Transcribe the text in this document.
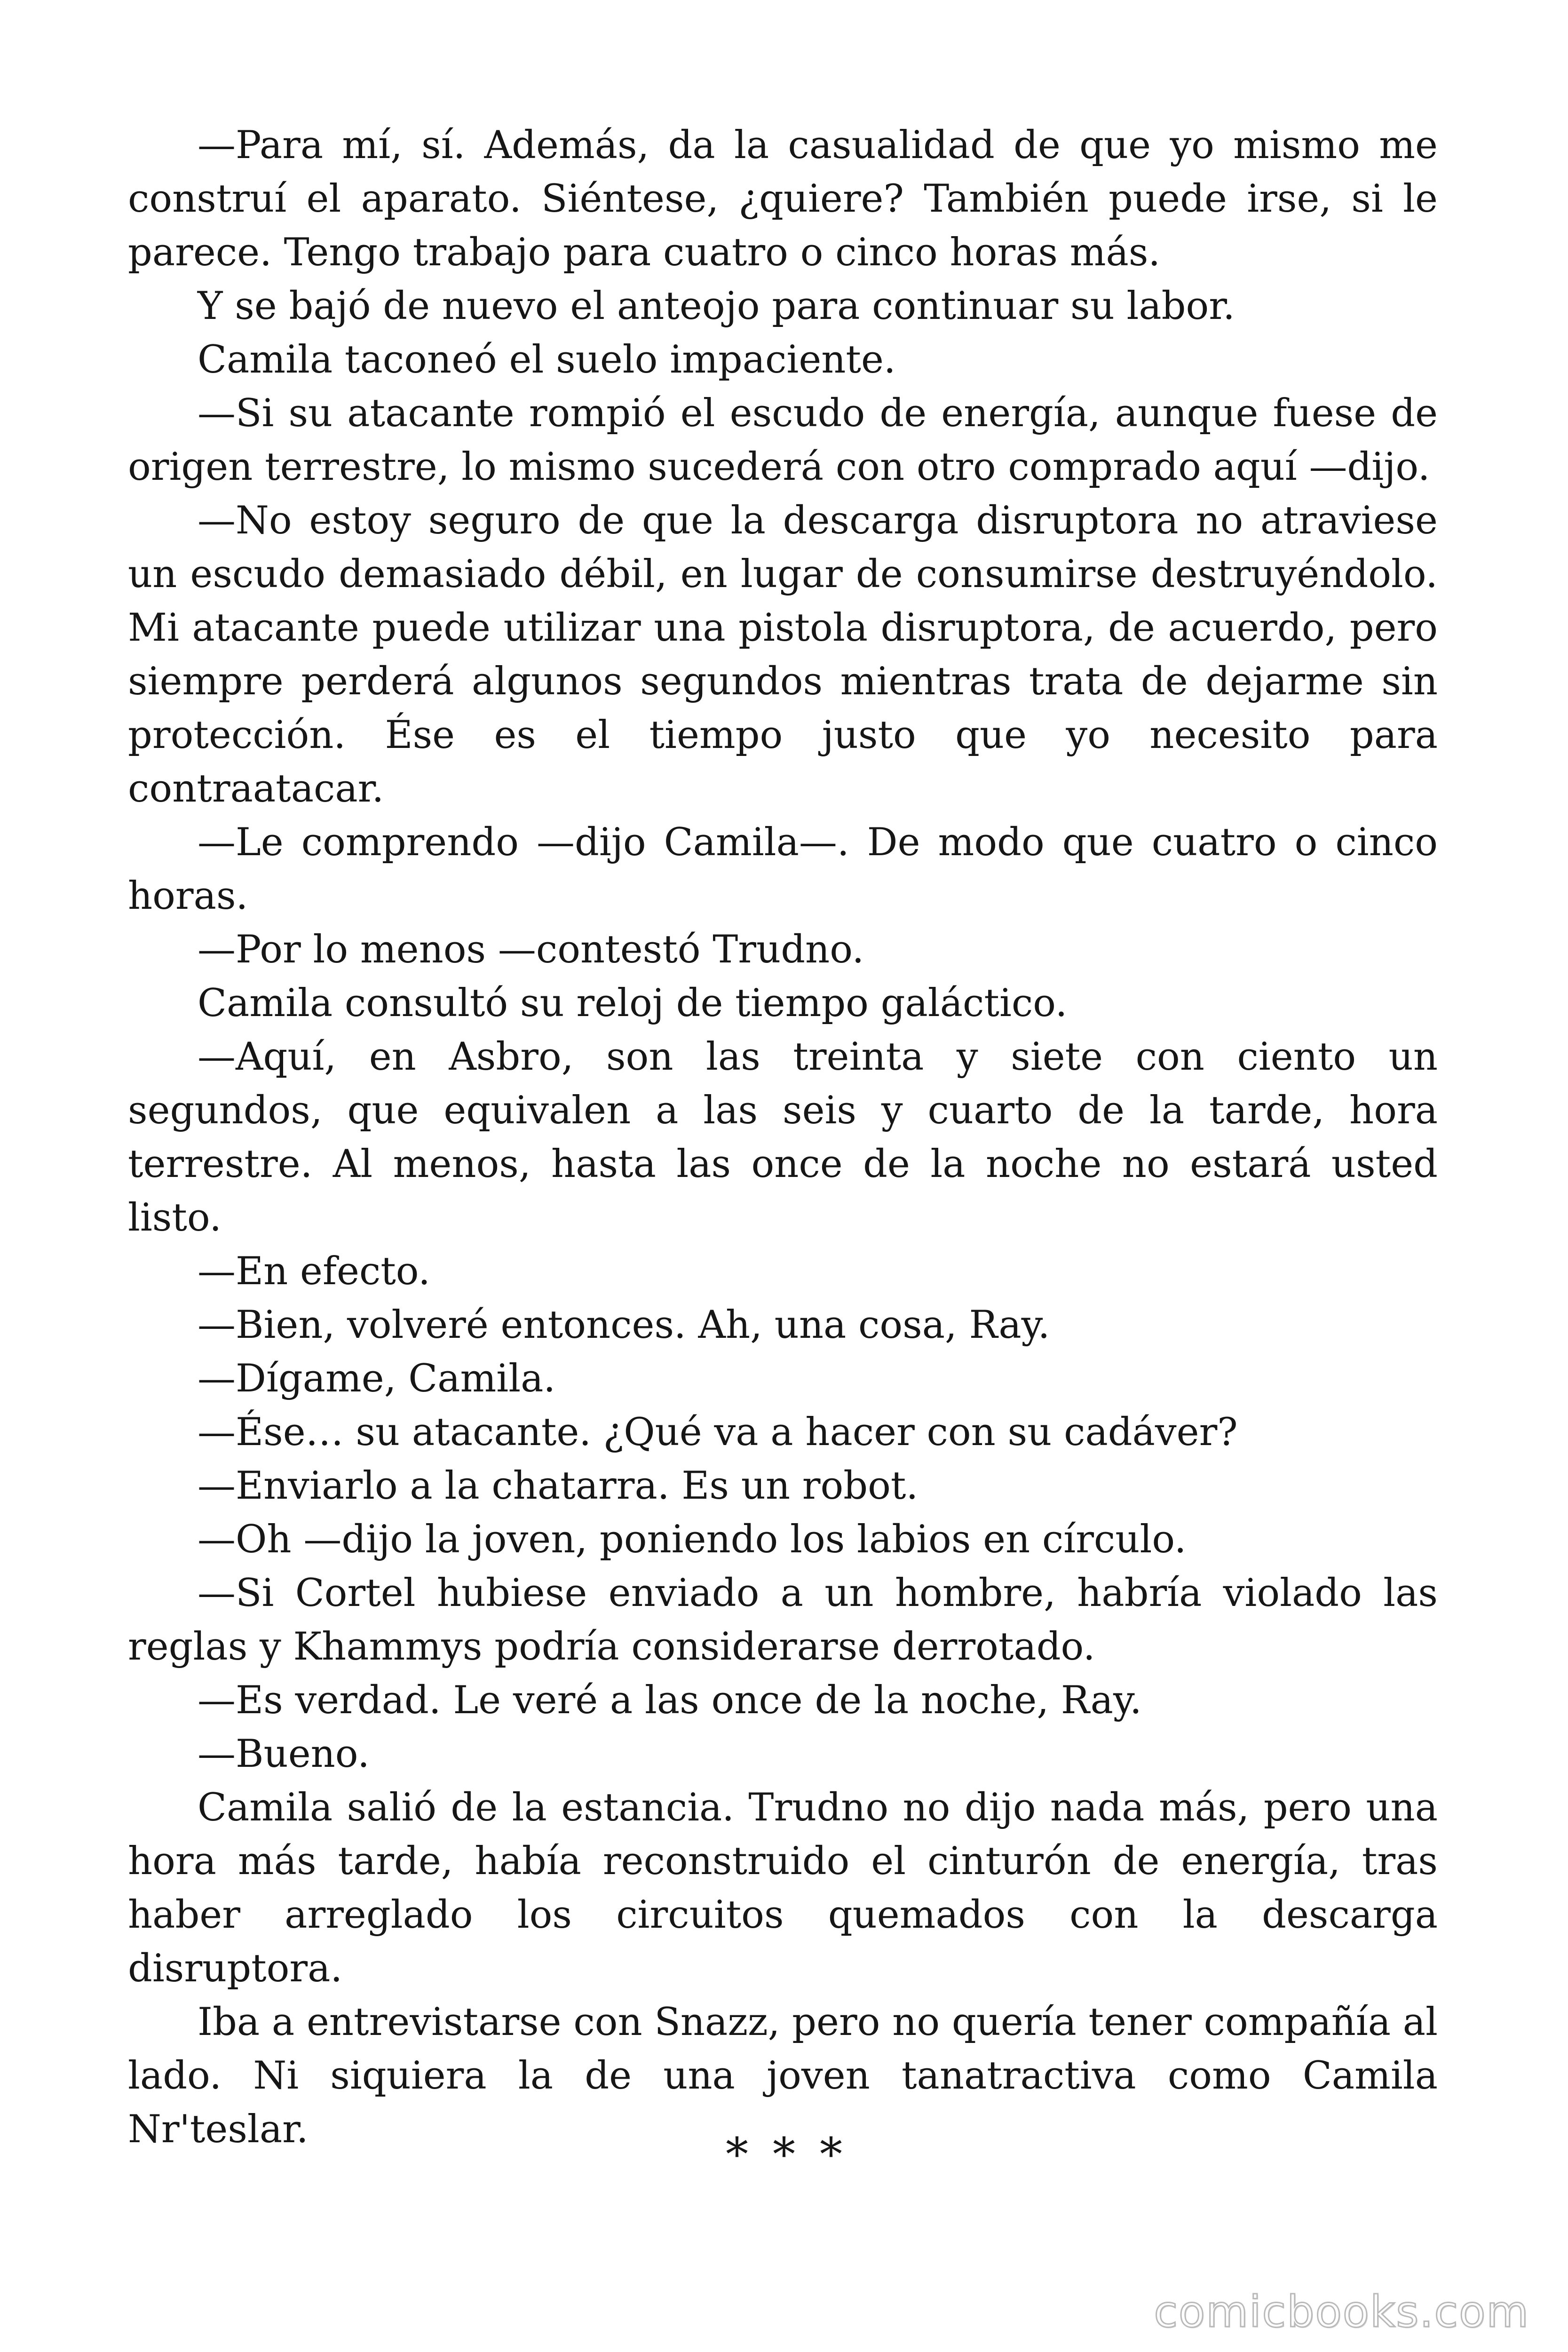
—Para mí, sí. Además, da la casualidad de que yo mismo me construí el aparato. Siéntese, ¿quiere? También puede irse, si le parece. Tengo trabajo para cuatro o cinco horas más.

Y se bajó de nuevo el anteojo para continuar su labor.

Camila taconeó el suelo impaciente.

—Si su atacante rompió el escudo de energía, aunque fuese de origen terrestre, lo mismo sucederá con otro comprado aquí —dijo.

—No estoy seguro de que la descarga disruptora no atraviese un escudo demasiado débil, en lugar de consumirse destruyéndolo. Mi atacante puede utilizar una pistola disruptora, de acuerdo, pero siempre perderá algunos segundos mientras trata de dejarme sin protección. Ése es el tiempo justo que yo necesito para contraatacar.

—Le comprendo —dijo Camila—. De modo que cuatro o cinco horas.

—Por lo menos —contestó Trudno.

Camila consultó su reloj de tiempo galáctico.

—Aquí, en Asbro, son las treinta y siete con ciento un segundos, que equivalen a las seis y cuarto de la tarde, hora terrestre. Al menos, hasta las once de la noche no estará usted listo.

—En efecto.

—Bien, volveré entonces. Ah, una cosa, Ray.

—Dígame, Camila.

—Ése… su atacante. ¿Qué va a hacer con su cadáver?

—Enviarlo a la chatarra. Es un robot.

—Oh —dijo la joven, poniendo los labios en círculo.

—Si Cortel hubiese enviado a un hombre, habría violado las reglas y Khammys podría considerarse derrotado.

—Es verdad. Le veré a las once de la noche, Ray.

—Bueno.

Camila salió de la estancia. Trudno no dijo nada más, pero una hora más tarde, había reconstruido el cinturón de energía, tras haber arreglado los circuitos quemados con la descarga disruptora.

Iba a entrevistarse con Snazz, pero no quería tener compañía al lado. Ni siquiera la de una joven tanatractiva como Camila Nr'teslar.	* * *
comicbooks.com
